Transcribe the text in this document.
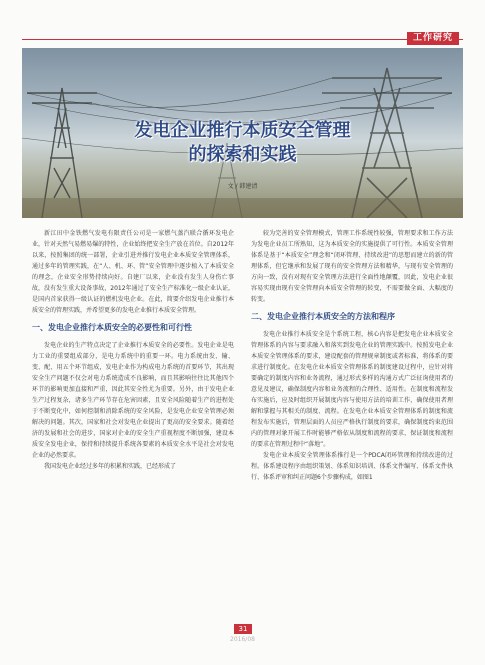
工作研究
发电企业推行本质安全管理
的探索和实践
文 / 韩建清

新江田中金铁燃气发电有限责任公司是一家燃气蒸汽联合循环发电企业，针对天然气易燃易爆的特性，企业始终把安全生产放在首位。自2012年以来，按照集团的统一部署，企业引进并推行发电企业本质安全管理体系，通过多年的管理实践，在“人、机、环、管”安全管理中逐步植入了本质安全的理念，企业安全形势持续向好。自建厂以来，企业没有发生人身伤亡事故，没有发生重大设备事故，2012年通过了安全生产标准化一级企业认证，是国内首家获得一级认证的燃机发电企业。在此，简要介绍发电企业推行本质安全的管理实践，并希望更多的发电企业推行本质安全管理。

一、发电企业推行本质安全的必要性和可行性

发电企业的生产特点决定了企业推行本质安全的必要性。发电企业是电力工业的重要组成部分，是电力系统中的重要一环。电力系统由发、输、变、配、用五个环节组成，发电企业作为构成电力系统的首要环节，其出现安全生产问题不仅会对电力系统造成不良影响，而且其影响往往比其他四个环节的影响更加直接和严重，因此其安全性尤为重要。另外，由于发电企业生产过程复杂，诸多生产环节存在危害因素，且安全风险随着生产的进程处于不断变化中，如何控制和消除系统的安全风险，是发电企业安全管理必须解决的问题。其次，国家和社会对发电企业提出了更高的安全要求。随着经济的发展和社会的进步，国家对企业的安全生产重视程度不断加强，建设本质安全发电企业，保持和持续提升系统各要素的本质安全水平是社会对发电企业的必然要求。

我国发电企业经过多年的积累和实践，已经形成了

较为完善的安全管理模式，管理工作系统性较强，管理要求和工作方法为发电企业员工所熟知，这为本质安全的实施提供了可行性。本质安全管理体系是基于“本质安全”理念和“闭环管理、持续改进”的思想而建立的新的管理体系，但它继承和发展了现有的安全管理方法和精华，与现有安全管理的方向一致，没有对现有安全管理方法进行全面性地颠覆，因此，发电企业很容易实现由现有安全管理向本质安全管理的转变，不需要做全面、大幅度的转变。

二、发电企业推行本质安全的方法和程序

发电企业推行本质安全是个系统工程，核心内容是把发电企业本质安全管理体系的内容与要求融入和落实到发电企业的管理实践中。按照发电企业本质安全管理体系的要求，建设配套的管理规章制度或者标准，将体系的要求进行制度化。在发电企业本质安全管理体系的制度建设过程中，应针对将要确定的制度内容和业务流程，通过形式多样的沟通方式广泛征询使用者的意见及建议，确保制度内容和业务流程的合理性、适用性。在制度和流程发布实施后，应及时组织开展制度内容与使用方法的培训工作，确保使用者理解和掌握与其相关的制度、流程。在发电企业本质安全管理体系的制度和流程发布实施后，管理层面的人员应严格执行制度的要求，确保制度约束范围内的管理对象开展工作时能够严格依从制度和流程的要求，保证制度和流程的要求在管理过程中“落地”。

发电企业本质安全管理体系推行是一个PDCA闭环管理和持续改进的过程。体系建设程序由组织策划、体系知识培训、体系文件编写、体系文件执行、体系评审和纠正问题6个步骤构成，如图1

31
2016/08
